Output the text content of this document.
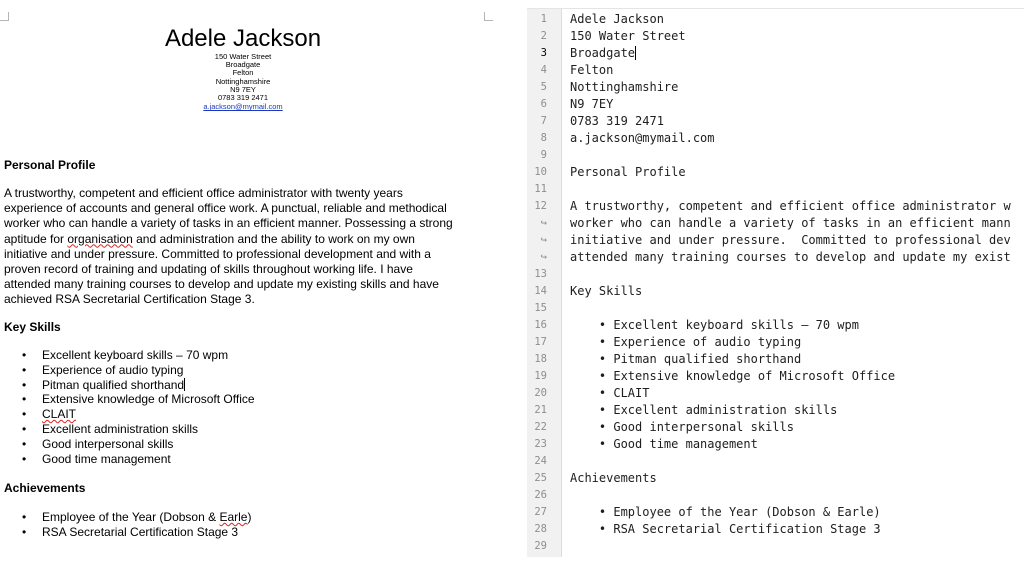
Adele Jackson
150 Water Street
Broadgate
Felton
Nottinghamshire
N9 7EY
0783 319 2471
a.jackson@mymail.com
Personal Profile

A trustworthy, competent and efficient office administrator with twenty years
experience of accounts and general office work. A punctual, reliable and methodical
worker who can handle a variety of tasks in an efficient manner. Possessing a strong
aptitude for organisation and administration and the ability to work on my own
initiative and under pressure. Committed to professional development and with a
proven record of training and updating of skills throughout working life. I have
attended many training courses to develop and update my existing skills and have
achieved RSA Secretarial Certification Stage 3.

Key Skills
• Excellent keyboard skills – 70 wpm
• Experience of audio typing
• Pitman qualified shorthand
• Extensive knowledge of Microsoft Office
• CLAIT
• Excellent administration skills
• Good interpersonal skills
• Good time management
Achievements
• Employee of the Year (Dobson & Earle)
• RSA Secretarial Certification Stage 3
1
2
3
4
5
6
7
8
9
10
11
12
↪
↪
↪
13
14
15
16
17
18
19
20
21
22
23
24
25
26
27
28
29
Adele Jackson
150 Water Street
Broadgate
Felton
Nottinghamshire
N9 7EY
0783 319 2471
a.jackson@mymail.com
Personal Profile
A trustworthy, competent and efficient office administrator w
worker who can handle a variety of tasks in an efficient mann
initiative and under pressure.  Committed to professional dev
attended many training courses to develop and update my exist
Key Skills
• Excellent keyboard skills – 70 wpm
• Experience of audio typing
• Pitman qualified shorthand
• Extensive knowledge of Microsoft Office
• CLAIT
• Excellent administration skills
• Good interpersonal skills
• Good time management
Achievements
• Employee of the Year (Dobson & Earle)
• RSA Secretarial Certification Stage 3
